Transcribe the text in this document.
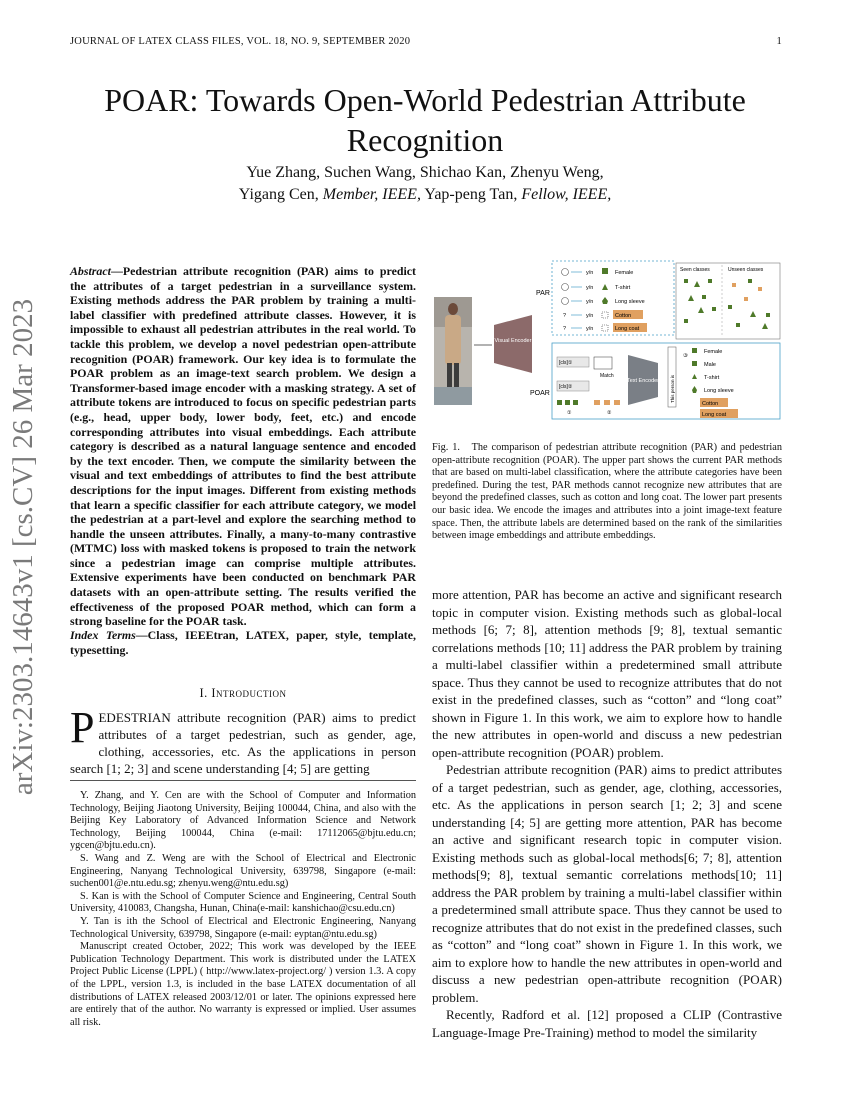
JOURNAL OF LATEX CLASS FILES, VOL. 18, NO. 9, SEPTEMBER 2020	1
POAR: Towards Open-World Pedestrian Attribute Recognition
Yue Zhang, Suchen Wang, Shichao Kan, Zhenyu Weng,
Yigang Cen, Member, IEEE, Yap-peng Tan, Fellow, IEEE,
arXiv:2303.14643v1 [cs.CV] 26 Mar 2023
Abstract—Pedestrian attribute recognition (PAR) aims to predict the attributes of a target pedestrian in a surveillance system. Existing methods address the PAR problem by training a multi-label classifier with predefined attribute classes. However, it is impossible to exhaust all pedestrian attributes in the real world. To tackle this problem, we develop a novel pedestrian open-attribute recognition (POAR) framework. Our key idea is to formulate the POAR problem as an image-text search problem. We design a Transformer-based image encoder with a masking strategy. A set of attribute tokens are introduced to focus on specific pedestrian parts (e.g., head, upper body, lower body, feet, etc.) and encode corresponding attributes into visual embeddings. Each attribute category is described as a natural language sentence and encoded by the text encoder. Then, we compute the similarity between the visual and text embeddings of attributes to find the best attribute descriptions for the input images. Different from existing methods that learn a specific classifier for each attribute category, we model the pedestrian at a part-level and explore the searching method to handle the unseen attributes. Finally, a many-to-many contrastive (MTMC) loss with masked tokens is proposed to train the network since a pedestrian image can comprise multiple attributes. Extensive experiments have been conducted on benchmark PAR datasets with an open-attribute setting. The results verified the effectiveness of the proposed POAR method, which can form a strong baseline for the POAR task.
Index Terms—Class, IEEEtran, LATEX, paper, style, template, typesetting.
I. Introduction
PEDESTRIAN attribute recognition (PAR) aims to predict attributes of a target pedestrian, such as gender, age, clothing, accessories, etc. As the applications in person search [1; 2; 3] and scene understanding [4; 5] are getting

Y. Zhang, and Y. Cen are with the School of Computer and Information Technology, Beijing Jiaotong University, Beijing 100044, China, and also with the Beijing Key Laboratory of Advanced Information Science and Network Technology, Beijing 100044, China (e-mail: 17112065@bjtu.edu.cn; ygcen@bjtu.edu.cn).

S. Wang and Z. Weng are with the School of Electrical and Electronic Engineering, Nanyang Technological University, 639798, Singapore (e-mail: suchen001@e.ntu.edu.sg; zhenyu.weng@ntu.edu.sg)

S. Kan is with the School of Computer Science and Engineering, Central South University, 410083, Changsha, Hunan, China(e-mail: kanshichao@csu.edu.cn)

Y. Tan is ith the School of Electrical and Electronic Engineering, Nanyang Technological University, 639798, Singapore (e-mail: eyptan@ntu.edu.sg)

Manuscript created October, 2022; This work was developed by the IEEE Publication Technology Department. This work is distributed under the LATEX Project Public License (LPPL) ( http://www.latex-project.org/ ) version 1.3. A copy of the LPPL, version 1.3, is included in the base LATEX documentation of all distributions of LATEX released 2003/12/01 or later. The opinions expressed here are entirely that of the author. No warranty is expressed or implied. User assumes all risk.

Visual Encoder
PAR
POAR
y/n	Female
y/n	T-shirt
y/n	Long sleeve
?	y/n	Cotton
?	y/n	Long coat
Seen classes	Unseen classes
[cls]①
[cls]②
Match
①	②
Text Encoder This person is
Female
Male
T-shirt
Long sleeve
Cotton
Long coat
③
Fig. 1. The comparison of pedestrian attribute recognition (PAR) and pedestrian open-attribute recognition (POAR). The upper part shows the current PAR methods that are based on multi-label classification, where the attribute categories have been predefined. During the test, PAR methods cannot recognize new attributes that are beyond the predefined classes, such as cotton and long coat. The lower part presents our basic idea. We encode the images and attributes into a joint image-text feature space. Then, the attribute labels are determined based on the rank of the similarities between image embeddings and attribute embeddings.

more attention, PAR has become an active and significant research topic in computer vision. Existing methods such as global-local methods [6; 7; 8], attention methods [9; 8], textual semantic correlations methods [10; 11] address the PAR problem by training a multi-label classifier within a predetermined small attribute space. Thus they cannot be used to recognize attributes that do not exist in the predefined classes, such as “cotton” and “long coat” shown in Figure 1. In this work, we aim to explore how to handle the new attributes in open-world and discuss a new pedestrian open-attribute recognition (POAR) problem.

Pedestrian attribute recognition (PAR) aims to predict attributes of a target pedestrian, such as gender, age, clothing, accessories, etc. As the applications in person search [1; 2; 3] and scene understanding [4; 5] are getting more attention, PAR has become an active and significant research topic in computer vision. Existing methods such as global-local methods[6; 7; 8], attention methods[9; 8], textual semantic correlations methods[10; 11] address the PAR problem by training a multi-label classifier within a predetermined small attribute space. Thus they cannot be used to recognize attributes that do not exist in the predefined classes, such as “cotton” and “long coat” shown in Figure 1. In this work, we aim to explore how to handle the new attributes in open-world and discuss a new pedestrian open-attribute recognition (POAR) problem.

Recently, Radford et al. [12] proposed a CLIP (Contrastive Language-Image Pre-Training) method to model the similarity
